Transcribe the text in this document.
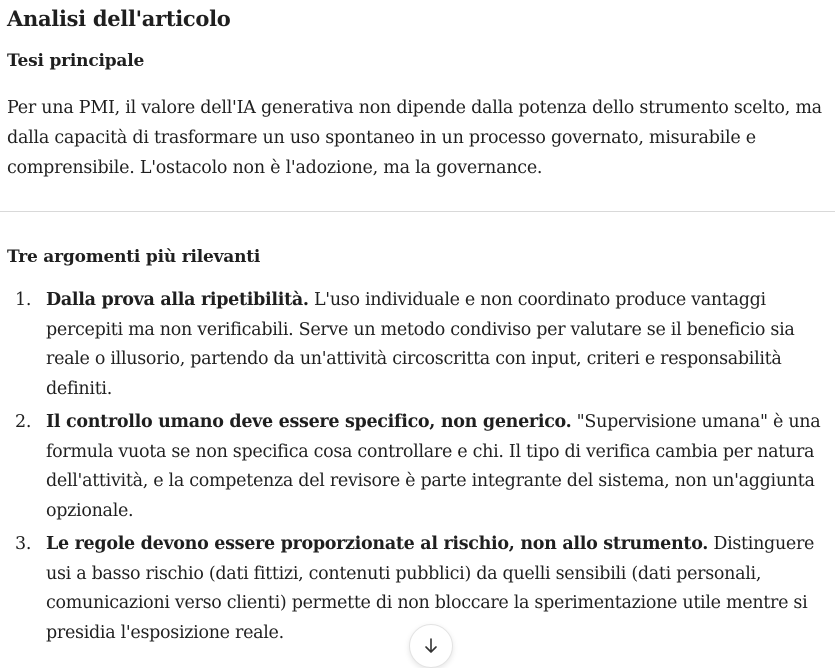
Analisi dell'articolo
Tesi principale

Per una PMI, il valore dell'IA generativa non dipende dalla potenza dello strumento scelto, ma dalla capacità di trasformare un uso spontaneo in un processo governato, misurabile e comprensibile. L'ostacolo non è l'adozione, ma la governance.

Tre argomenti più rilevanti
1. Dalla prova alla ripetibilità. L'uso individuale e non coordinato produce vantaggi percepiti ma non verificabili. Serve un metodo condiviso per valutare se il beneficio sia reale o illusorio, partendo da un'attività circoscritta con input, criteri e responsabilità definiti.
2. Il controllo umano deve essere specifico, non generico. "Supervisione umana" è una formula vuota se non specifica cosa controllare e chi. Il tipo di verifica cambia per natura dell'attività, e la competenza del revisore è parte integrante del sistema, non un'aggiunta opzionale.
3. Le regole devono essere proporzionate al rischio, non allo strumento. Distinguere usi a basso rischio (dati fittizi, contenuti pubblici) da quelli sensibili (dati personali, comunicazioni verso clienti) permette di non bloccare la sperimentazione utile mentre si presidia l'esposizione reale.
